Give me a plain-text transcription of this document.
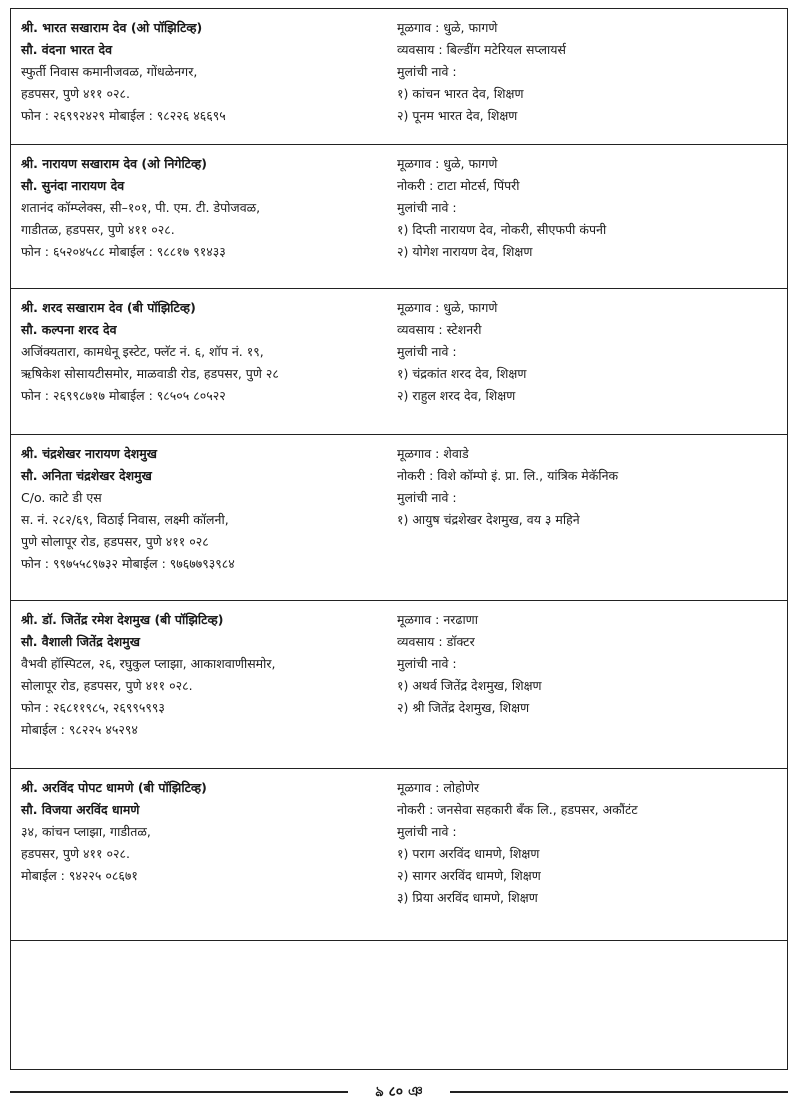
श्री. भारत सखाराम देव (ओ पॉझिटिव्ह)
सौ. वंदना भारत देव
स्फुर्ती निवास कमानीजवळ, गोंधळेनगर,
हडपसर, पुणे ४११ ०२८.
फोन : २६९९२४२९ मोबाईल : ९८२२६ ४६६९५
मूळगाव : धुळे, फागणे
व्यवसाय : बिल्डींग मटेरियल सप्लायर्स
मुलांची नावे :
१) कांचन भारत देव, शिक्षण
२) पूनम भारत देव, शिक्षण
श्री. नारायण सखाराम देव (ओ निगेटिव्ह)
सौ. सुनंदा नारायण देव
शतानंद कॉम्प्लेक्स, सी–१०१, पी. एम. टी. डेपोजवळ,
गाडीतळ, हडपसर, पुणे ४११ ०२८.
फोन : ६५२०४५८८ मोबाईल : ९८८१७ ९१४३३
मूळगाव : धुळे, फागणे
नोकरी : टाटा मोटर्स, पिंपरी
मुलांची नावे :
१) दिप्ती नारायण देव, नोकरी, सीएफपी कंपनी
२) योगेश नारायण देव, शिक्षण
श्री. शरद सखाराम देव (बी पॉझिटिव्ह)
सौ. कल्पना शरद देव
अजिंक्यतारा, कामधेनू इस्टेट, फ्लॅट नं. ६, शॉप नं. १९,
ऋषिकेश सोसायटीसमोर, माळवाडी रोड, हडपसर, पुणे २८
फोन : २६९९८७१७ मोबाईल : ९८५०५ ८०५२२
मूळगाव : धुळे, फागणे
व्यवसाय : स्टेशनरी
मुलांची नावे :
१) चंद्रकांत शरद देव, शिक्षण
२) राहुल शरद देव, शिक्षण
श्री. चंद्रशेखर नारायण देशमुख
सौ. अनिता चंद्रशेखर देशमुख
C/o. काटे डी एस
स. नं. २८२/६९, विठाई निवास, लक्ष्मी कॉलनी,
पुणे सोलापूर रोड, हडपसर, पुणे ४११ ०२८
फोन : ९९७५५८९७३२ मोबाईल : ९७६७७९३९८४
मूळगाव : शेवाडे
नोकरी : विशे कॉम्पो इं. प्रा. लि., यांत्रिक मेकॅनिक
मुलांची नावे :
१) आयुष चंद्रशेखर देशमुख, वय ३ महिने
श्री. डॉ. जितेंद्र रमेश देशमुख (बी पॉझिटिव्ह)
सौ. वैशाली जितेंद्र देशमुख
वैभवी हॉस्पिटल, २६, रघुकुल प्लाझा, आकाशवाणीसमोर,
सोलापूर रोड, हडपसर, पुणे ४११ ०२८.
फोन : २६८११९८५, २६९९५९९३
मोबाईल : ९८२२५ ४५२९४
मूळगाव : नरढाणा
व्यवसाय : डॉक्टर
मुलांची नावे :
१) अथर्व जितेंद्र देशमुख, शिक्षण
२) श्री जितेंद्र देशमुख, शिक्षण
श्री. अरविंद पोपट धामणे (बी पॉझिटिव्ह)
सौ. विजया अरविंद धामणे
३४, कांचन प्लाझा, गाडीतळ,
हडपसर, पुणे ४११ ०२८.
मोबाईल : ९४२२५ ०८६७१
मूळगाव : लोहोणेर
नोकरी : जनसेवा सहकारी बँक लि., हडपसर, अकौंटंट
मुलांची नावे :
१) पराग अरविंद धामणे, शिक्षण
२) सागर अरविंद धामणे, शिक्षण
३) प्रिया अरविंद धामणे, शिक्षण
ঌ ८० ঞ
